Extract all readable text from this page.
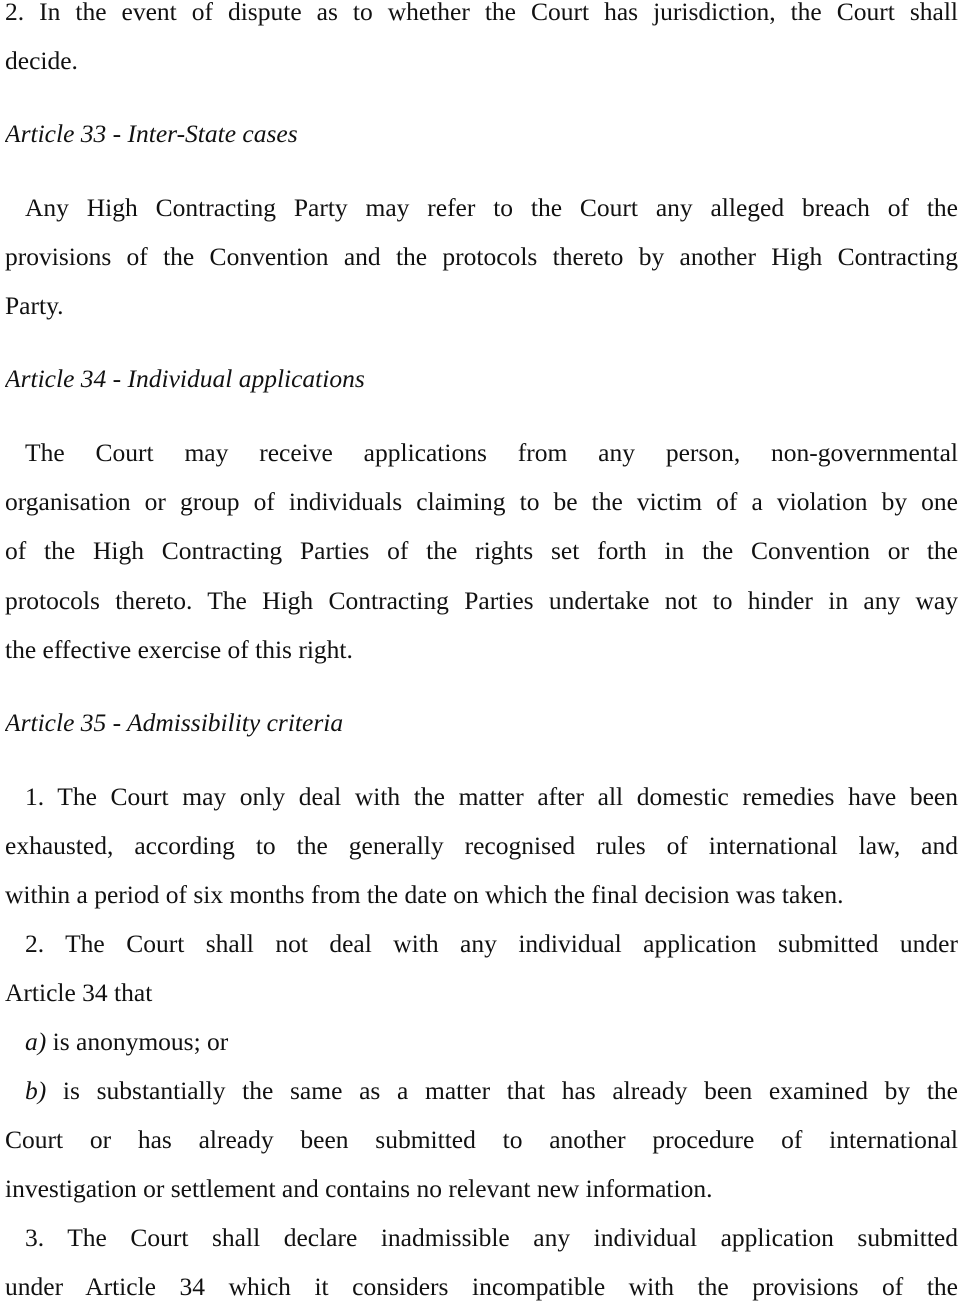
2. In the event of dispute as to whether the Court has jurisdiction, the Court shall
decide.
Article 33 - Inter-State cases
Any High Contracting Party may refer to the Court any alleged breach of the
provisions of the Convention and the protocols thereto by another High Contracting
Party.
Article 34 - Individual applications
The Court may receive applications from any person, non-governmental
organisation or group of individuals claiming to be the victim of a violation by one
of the High Contracting Parties of the rights set forth in the Convention or the
protocols thereto. The High Contracting Parties undertake not to hinder in any way
the effective exercise of this right.
Article 35 - Admissibility criteria
1. The Court may only deal with the matter after all domestic remedies have been
exhausted, according to the generally recognised rules of international law, and
within a period of six months from the date on which the final decision was taken.
2. The Court shall not deal with any individual application submitted under
Article 34 that
a) is anonymous; or
b) is substantially the same as a matter that has already been examined by the
Court or has already been submitted to another procedure of international
investigation or settlement and contains no relevant new information.
3. The Court shall declare inadmissible any individual application submitted
under Article 34 which it considers incompatible with the provisions of the
